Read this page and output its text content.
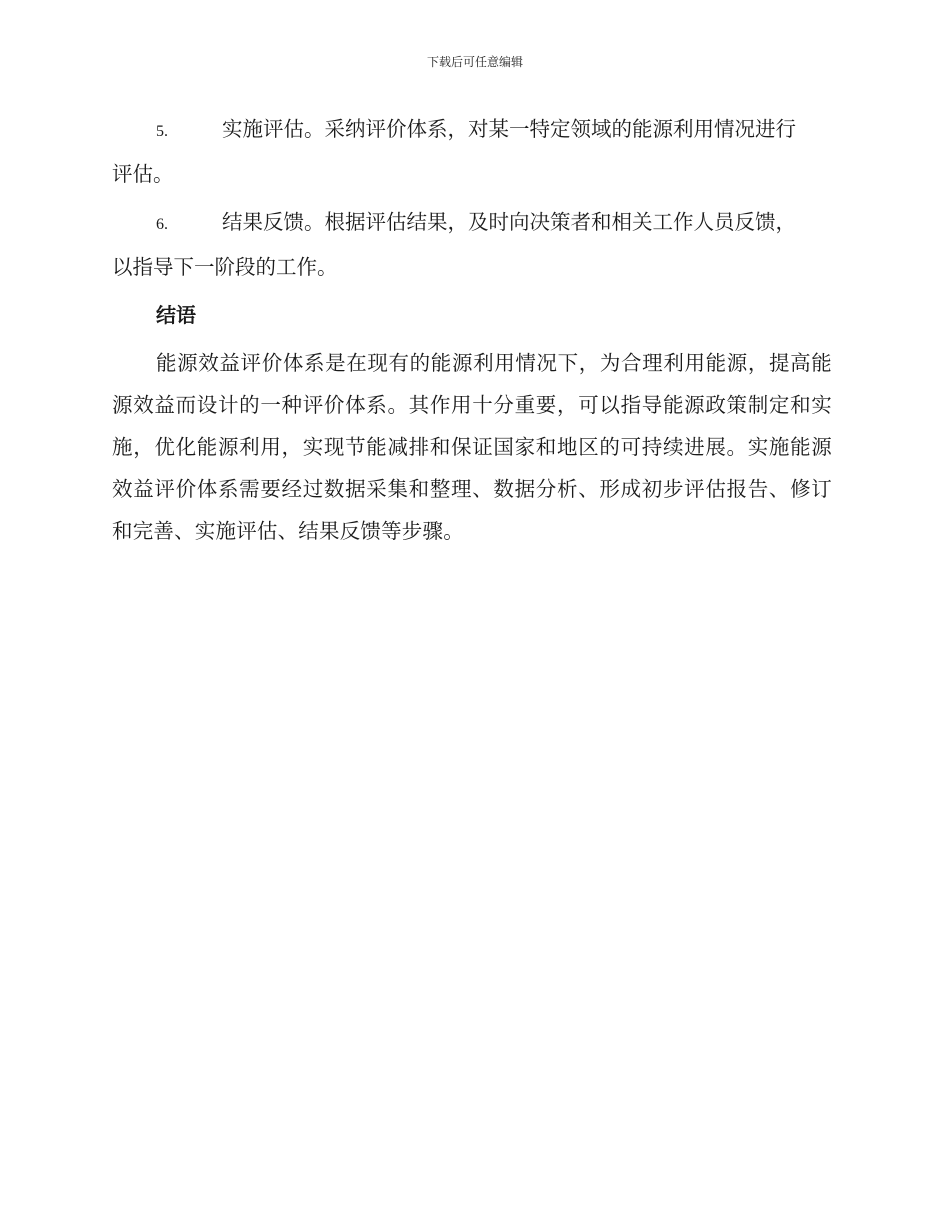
下载后可任意编辑
5.	实施评估。采纳评价体系，对某一特定领域的能源利用情况进行
评估。
6.	结果反馈。根据评估结果，及时向决策者和相关工作人员反馈，
以指导下一阶段的工作。
结语

能源效益评价体系是在现有的能源利用情况下，为合理利用能源，提高能源效益而设计的一种评价体系。其作用十分重要，可以指导能源政策制定和实施，优化能源利用，实现节能减排和保证国家和地区的可持续进展。实施能源效益评价体系需要经过数据采集和整理、数据分析、形成初步评估报告、修订和完善、实施评估、结果反馈等步骤。
